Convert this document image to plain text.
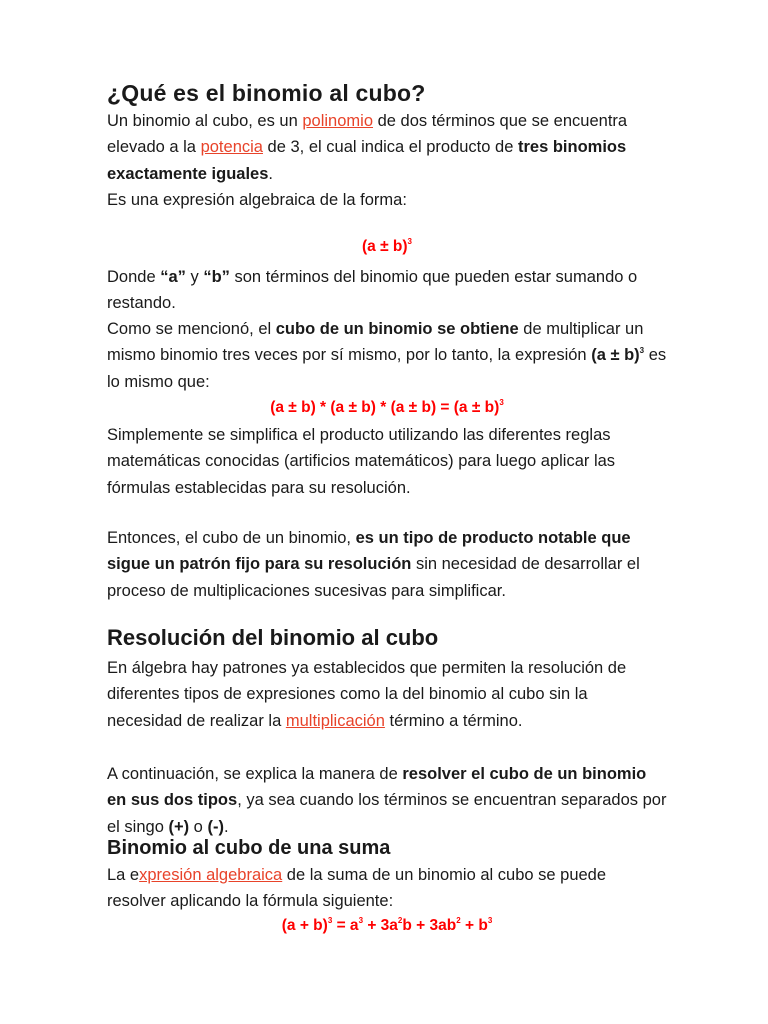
¿Qué es el binomio al cubo?
Un binomio al cubo, es un polinomio de dos términos que se encuentra elevado a la potencia de 3, el cual indica el producto de tres binomios exactamente iguales.
Es una expresión algebraica de la forma:
$(a \pm b)^3$
Donde “a” y “b” son términos del binomio que pueden estar sumando o restando.
Como se mencionó, el cubo de un binomio se obtiene de multiplicar un mismo binomio tres veces por sí mismo, por lo tanto, la expresión $(a \pm b)^3$ es lo mismo que:
$(a \pm b) * (a \pm b) * (a \pm b) = (a \pm b)^3$
Simplemente se simplifica el producto utilizando las diferentes reglas matemáticas conocidas (artificios matemáticos) para luego aplicar las fórmulas establecidas para su resolución.
Entonces, el cubo de un binomio, es un tipo de producto notable que sigue un patrón fijo para su resolución sin necesidad de desarrollar el proceso de multiplicaciones sucesivas para simplificar.
Resolución del binomio al cubo
En álgebra hay patrones ya establecidos que permiten la resolución de diferentes tipos de expresiones como la del binomio al cubo sin la necesidad de realizar la multiplicación término a término.
A continuación, se explica la manera de resolver el cubo de un binomio en sus dos tipos, ya sea cuando los términos se encuentran separados por el singo (+) o (-).
Binomio al cubo de una suma
La expresión algebraica de la suma de un binomio al cubo se puede resolver aplicando la fórmula siguiente:
$(a + b)^3 = a^3 + 3a^2b + 3ab^2 + b^3$
